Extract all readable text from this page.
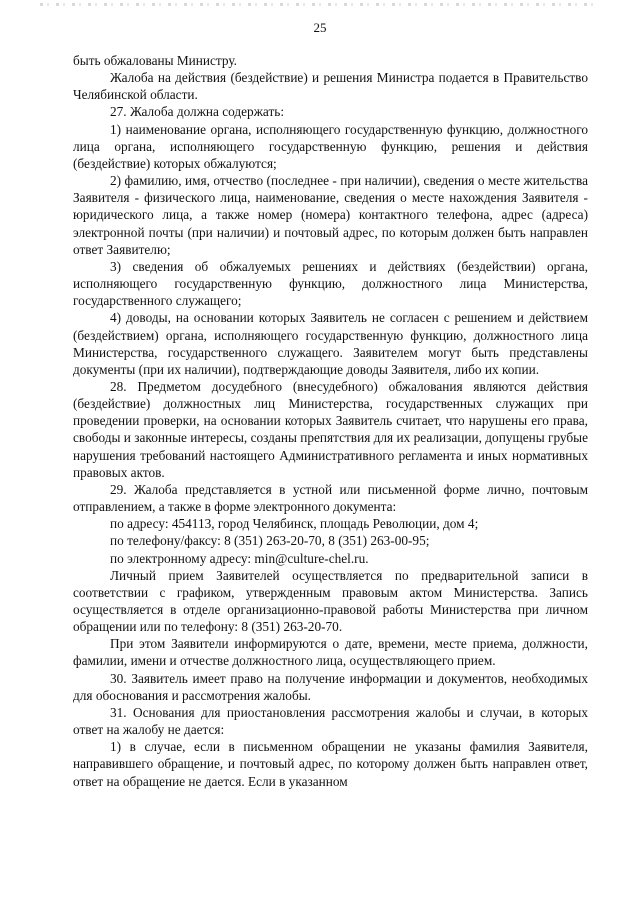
25

быть обжалованы Министру.

Жалоба на действия (бездействие) и решения Министра подается в Правительство Челябинской области.

27. Жалоба должна содержать:

1) наименование органа, исполняющего государственную функцию, должностного лица органа, исполняющего государственную функцию, решения и действия (бездействие) которых обжалуются;

2) фамилию, имя, отчество (последнее - при наличии), сведения о месте жительства Заявителя - физического лица, наименование, сведения о месте нахождения Заявителя - юридического лица, а также номер (номера) контактного телефона, адрес (адреса) электронной почты (при наличии) и почтовый адрес, по которым должен быть направлен ответ Заявителю;

3) сведения об обжалуемых решениях и действиях (бездействии) органа, исполняющего государственную функцию, должностного лица Министерства, государственного служащего;

4) доводы, на основании которых Заявитель не согласен с решением и действием (бездействием) органа, исполняющего государственную функцию, должностного лица Министерства, государственного служащего. Заявителем могут быть представлены документы (при их наличии), подтверждающие доводы Заявителя, либо их копии.

28. Предметом досудебного (внесудебного) обжалования являются действия (бездействие) должностных лиц Министерства, государственных служащих при проведении проверки, на основании которых Заявитель считает, что нарушены его права, свободы и законные интересы, созданы препятствия для их реализации, допущены грубые нарушения требований настоящего Административного регламента и иных нормативных правовых актов.

29. Жалоба представляется в устной или письменной форме лично, почтовым отправлением, а также в форме электронного документа:

по адресу: 454113, город Челябинск, площадь Революции, дом 4;

по телефону/факсу: 8 (351) 263-20-70, 8 (351) 263-00-95;

по электронному адресу: min@culture-chel.ru.

Личный прием Заявителей осуществляется по предварительной записи в соответствии с графиком, утвержденным правовым актом Министерства. Запись осуществляется в отделе организационно-правовой работы Министерства при личном обращении или по телефону: 8 (351) 263-20-70.

При этом Заявители информируются о дате, времени, месте приема, должности, фамилии, имени и отчестве должностного лица, осуществляющего прием.

30. Заявитель имеет право на получение информации и документов, необходимых для обоснования и рассмотрения жалобы.

31. Основания для приостановления рассмотрения жалобы и случаи, в которых ответ на жалобу не дается:

1) в случае, если в письменном обращении не указаны фамилия Заявителя, направившего обращение, и почтовый адрес, по которому должен быть направлен ответ, ответ на обращение не дается. Если в указанном
